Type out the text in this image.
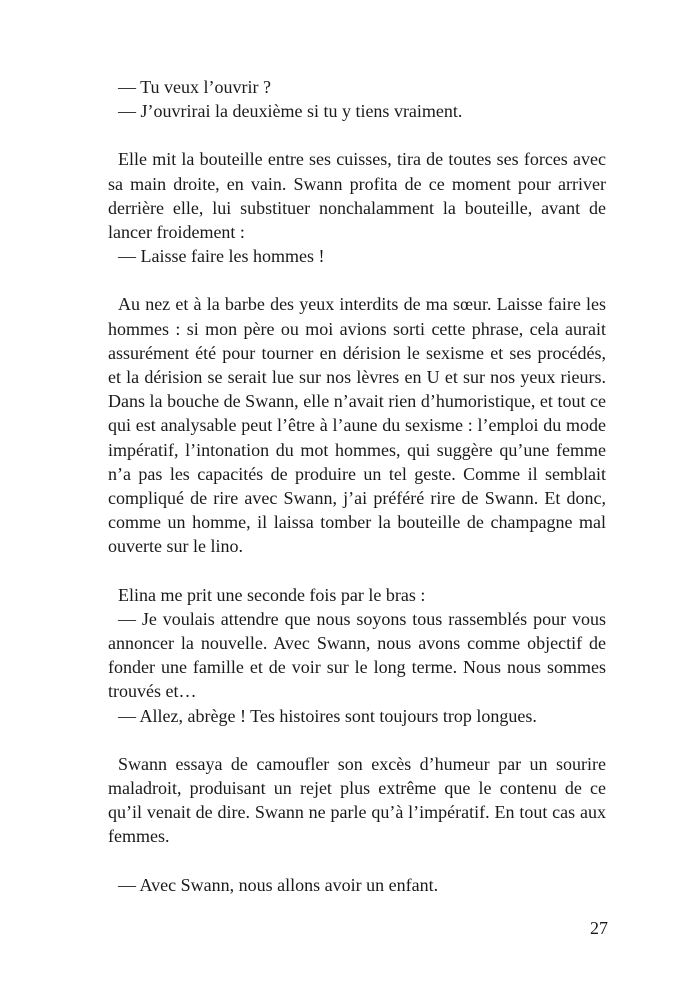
— Tu veux l’ouvrir ?

— J’ouvrirai la deuxième si tu y tiens vraiment.

Elle mit la bouteille entre ses cuisses, tira de toutes ses forces avec sa main droite, en vain. Swann profita de ce moment pour arriver derrière elle, lui substituer nonchalamment la bouteille, avant de lancer froidement :

— Laisse faire les hommes !

Au nez et à la barbe des yeux interdits de ma sœur. Laisse faire les hommes : si mon père ou moi avions sorti cette phrase, cela aurait assurément été pour tourner en dérision le sexisme et ses procédés, et la dérision se serait lue sur nos lèvres en U et sur nos yeux rieurs. Dans la bouche de Swann, elle n’avait rien d’humoristique, et tout ce qui est analysable peut l’être à l’aune du sexisme : l’emploi du mode impératif, l’intonation du mot hommes, qui suggère qu’une femme n’a pas les capacités de produire un tel geste. Comme il semblait compliqué de rire avec Swann, j’ai préféré rire de Swann. Et donc, comme un homme, il laissa tomber la bouteille de champagne mal ouverte sur le lino.

Elina me prit une seconde fois par le bras :

— Je voulais attendre que nous soyons tous rassemblés pour vous annoncer la nouvelle. Avec Swann, nous avons comme objectif de fonder une famille et de voir sur le long terme. Nous nous sommes trouvés et…

— Allez, abrège ! Tes histoires sont toujours trop longues.

Swann essaya de camoufler son excès d’humeur par un sourire maladroit, produisant un rejet plus extrême que le contenu de ce qu’il venait de dire. Swann ne parle qu’à l’impératif. En tout cas aux femmes.

— Avec Swann, nous allons avoir un enfant.

27
